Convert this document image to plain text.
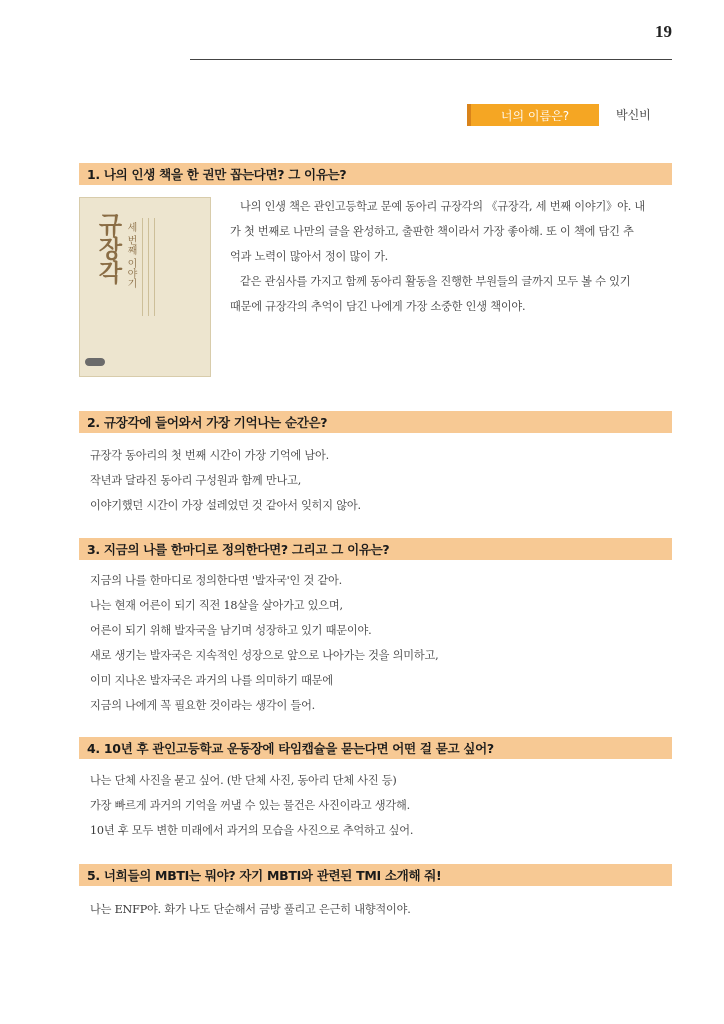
19
너의 이름은?	박신비
1. 나의 인생 책을 한 권만 꼽는다면? 그 이유는?
규장각 세 번째 이야기

나의 인생 책은 관인고등학교 문예 동아리 규장각의 《규장각, 세 번째 이야기》야. 내

가 첫 번째로 나만의 글을 완성하고, 출판한 책이라서 가장 좋아해. 또 이 책에 담긴 추

억과 노력이 많아서 정이 많이 가.

같은 관심사를 가지고 함께 동아리 활동을 진행한 부원들의 글까지 모두 볼 수 있기

때문에 규장각의 추억이 담긴 나에게 가장 소중한 인생 책이야.

2. 규장각에 들어와서 가장 기억나는 순간은?

규장각 동아리의 첫 번째 시간이 가장 기억에 남아.

작년과 달라진 동아리 구성원과 함께 만나고,

이야기했던 시간이 가장 설레었던 것 같아서 잊히지 않아.

3. 지금의 나를 한마디로 정의한다면? 그리고 그 이유는?

지금의 나를 한마디로 정의한다면 '발자국'인 것 같아.

나는 현재 어른이 되기 직전 18살을 살아가고 있으며,

어른이 되기 위해 발자국을 남기며 성장하고 있기 때문이야.

새로 생기는 발자국은 지속적인 성장으로 앞으로 나아가는 것을 의미하고,

이미 지나온 발자국은 과거의 나를 의미하기 때문에

지금의 나에게 꼭 필요한 것이라는 생각이 들어.

4. 10년 후 관인고등학교 운동장에 타임캡슐을 묻는다면 어떤 걸 묻고 싶어?

나는 단체 사진을 묻고 싶어. (반 단체 사진, 동아리 단체 사진 등)

가장 빠르게 과거의 기억을 꺼낼 수 있는 물건은 사진이라고 생각해.

10년 후 모두 변한 미래에서 과거의 모습을 사진으로 추억하고 싶어.

5. 너희들의 MBTI는 뭐야? 자기 MBTI와 관련된 TMI 소개해 줘!

나는 ENFP야. 화가 나도 단순해서 금방 풀리고 은근히 내향적이야.
